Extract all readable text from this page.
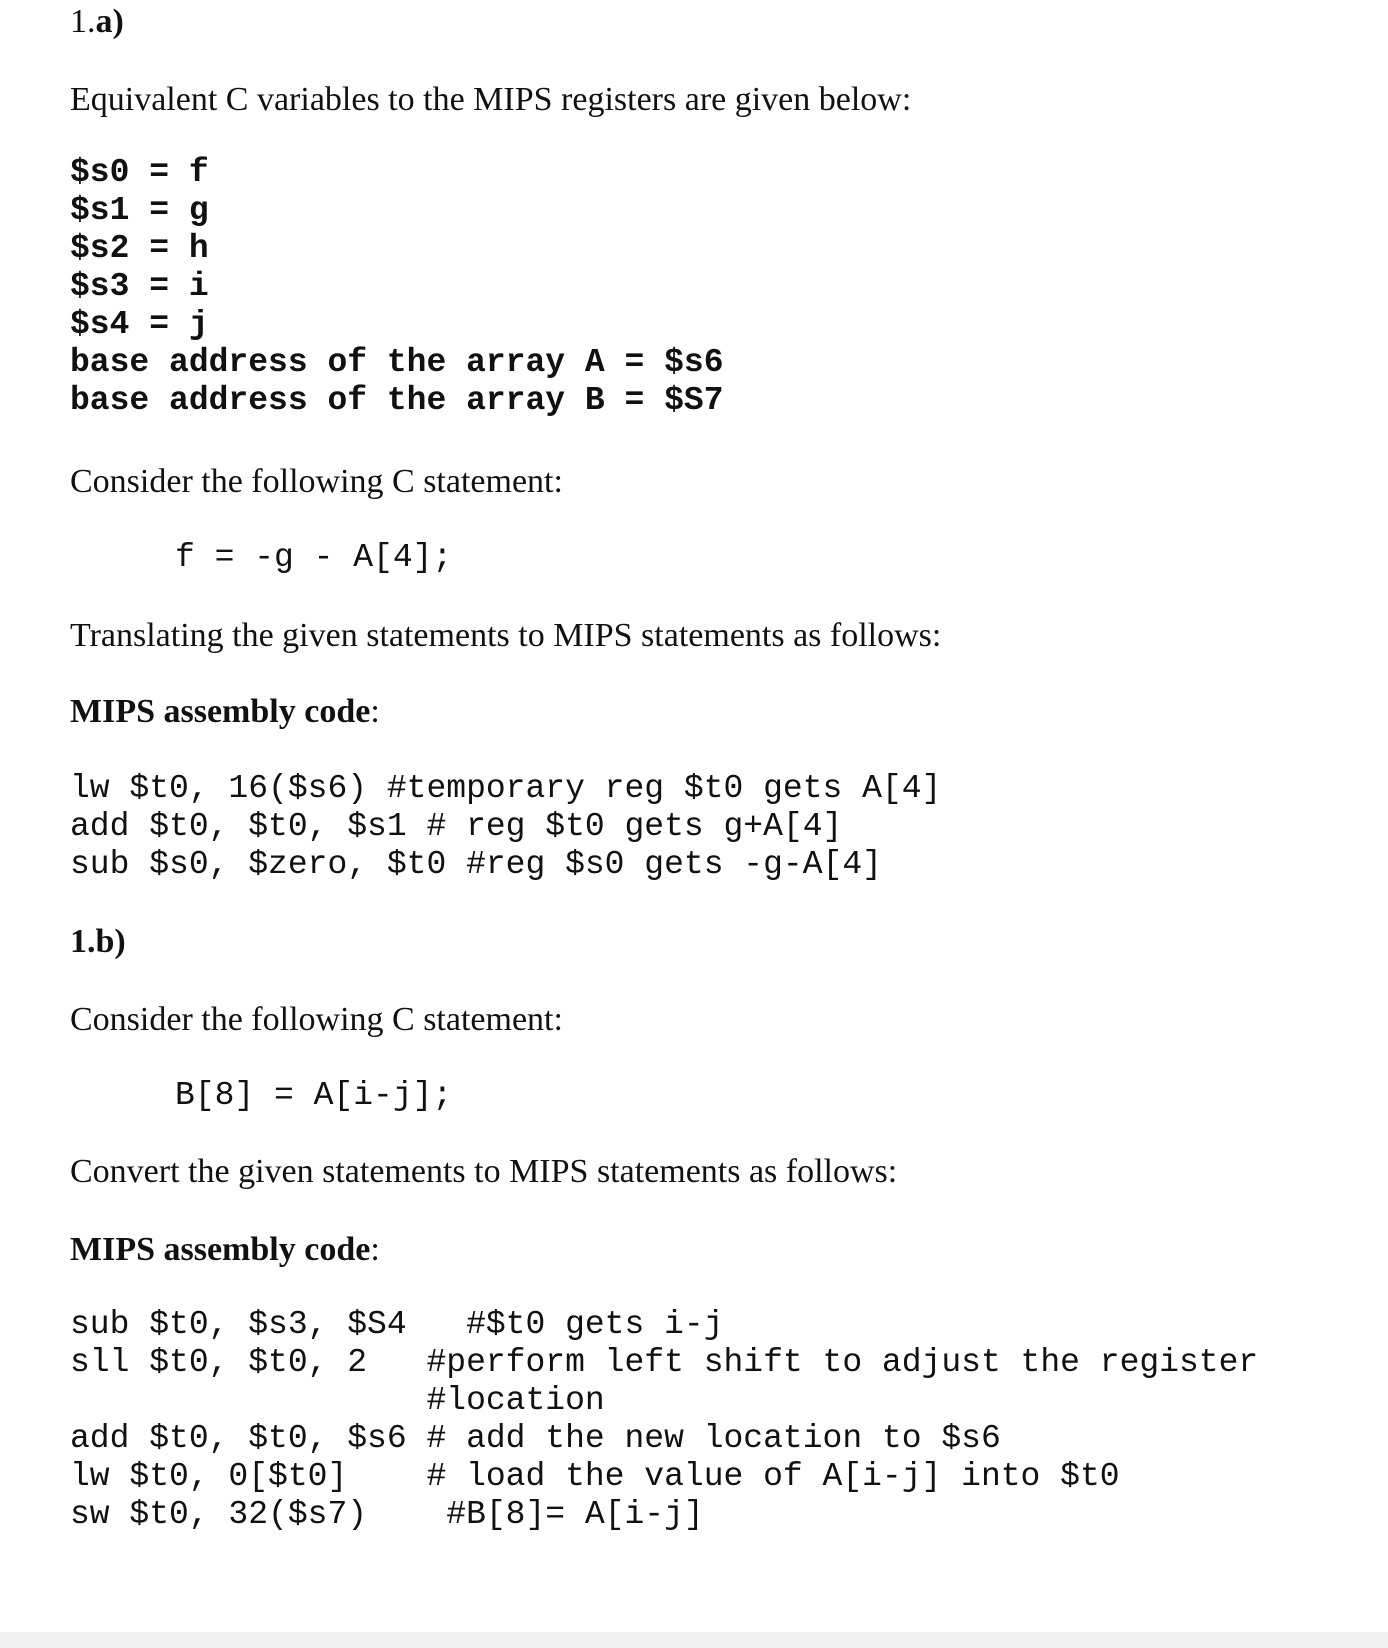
1.a)
Equivalent C variables to the MIPS registers are given below:
$s0 = f
$s1 = g
$s2 = h
$s3 = i
$s4 = j
base address of the array A = $s6
base address of the array B = $S7
Consider the following C statement:
f = -g - A[4];
Translating the given statements to MIPS statements as follows:
MIPS assembly code:
lw $t0, 16($s6) #temporary reg $t0 gets A[4]
add $t0, $t0, $s1 # reg $t0 gets g+A[4]
sub $s0, $zero, $t0 #reg $s0 gets -g-A[4]
1.b)
Consider the following C statement:
B[8] = A[i-j];
Convert the given statements to MIPS statements as follows:
MIPS assembly code:
sub $t0, $s3, $S4   #$t0 gets i-j
sll $t0, $t0, 2   #perform left shift to adjust the register
#location
add $t0, $t0, $s6 # add the new location to $s6
lw $t0, 0[$t0]    # load the value of A[i-j] into $t0
sw $t0, 32($s7)    #B[8]= A[i-j]
